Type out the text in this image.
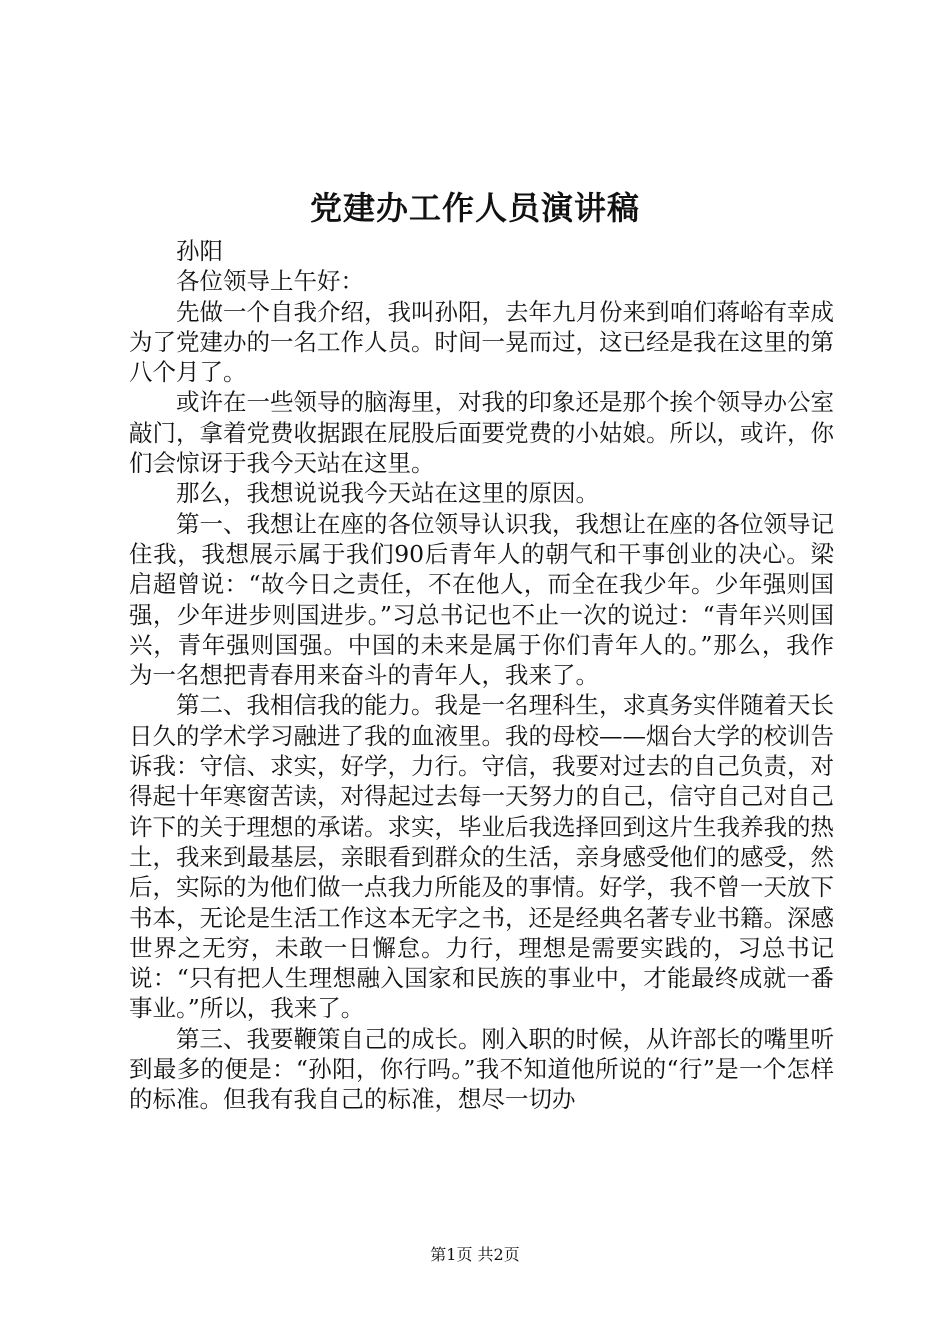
党建办工作人员演讲稿

孙阳

各位领导上午好：

先做一个自我介绍，我叫孙阳，去年九月份来到咱们蒋峪有幸成为了党建办的一名工作人员。时间一晃而过，这已经是我在这里的第八个月了。

或许在一些领导的脑海里，对我的印象还是那个挨个领导办公室敲门，拿着党费收据跟在屁股后面要党费的小姑娘。所以，或许，你们会惊讶于我今天站在这里。

那么，我想说说我今天站在这里的原因。

第一、我想让在座的各位领导认识我，我想让在座的各位领导记住我，我想展示属于我们90后青年人的朝气和干事创业的决心。梁启超曾说：“故今日之责任，不在他人，而全在我少年。少年强则国强，少年进步则国进步。”习总书记也不止一次的说过：“青年兴则国兴，青年强则国强。中国的未来是属于你们青年人的。”那么，我作为一名想把青春用来奋斗的青年人，我来了。

第二、我相信我的能力。我是一名理科生，求真务实伴随着天长日久的学术学习融进了我的血液里。我的母校——烟台大学的校训告诉我：守信、求实，好学，力行。守信，我要对过去的自己负责，对得起十年寒窗苦读，对得起过去每一天努力的自己，信守自己对自己许下的关于理想的承诺。求实，毕业后我选择回到这片生我养我的热土，我来到最基层，亲眼看到群众的生活，亲身感受他们的感受，然后，实际的为他们做一点我力所能及的事情。好学，我不曾一天放下书本，无论是生活工作这本无字之书，还是经典名著专业书籍。深感世界之无穷，未敢一日懈怠。力行，理想是需要实践的，习总书记说：“只有把人生理想融入国家和民族的事业中，才能最终成就一番事业。”所以，我来了。

第三、我要鞭策自己的成长。刚入职的时候，从许部长的嘴里听到最多的便是：“孙阳，你行吗。”我不知道他所说的“行”是一个怎样的标准。但我有我自己的标准，想尽一切办

第1页 共2页
